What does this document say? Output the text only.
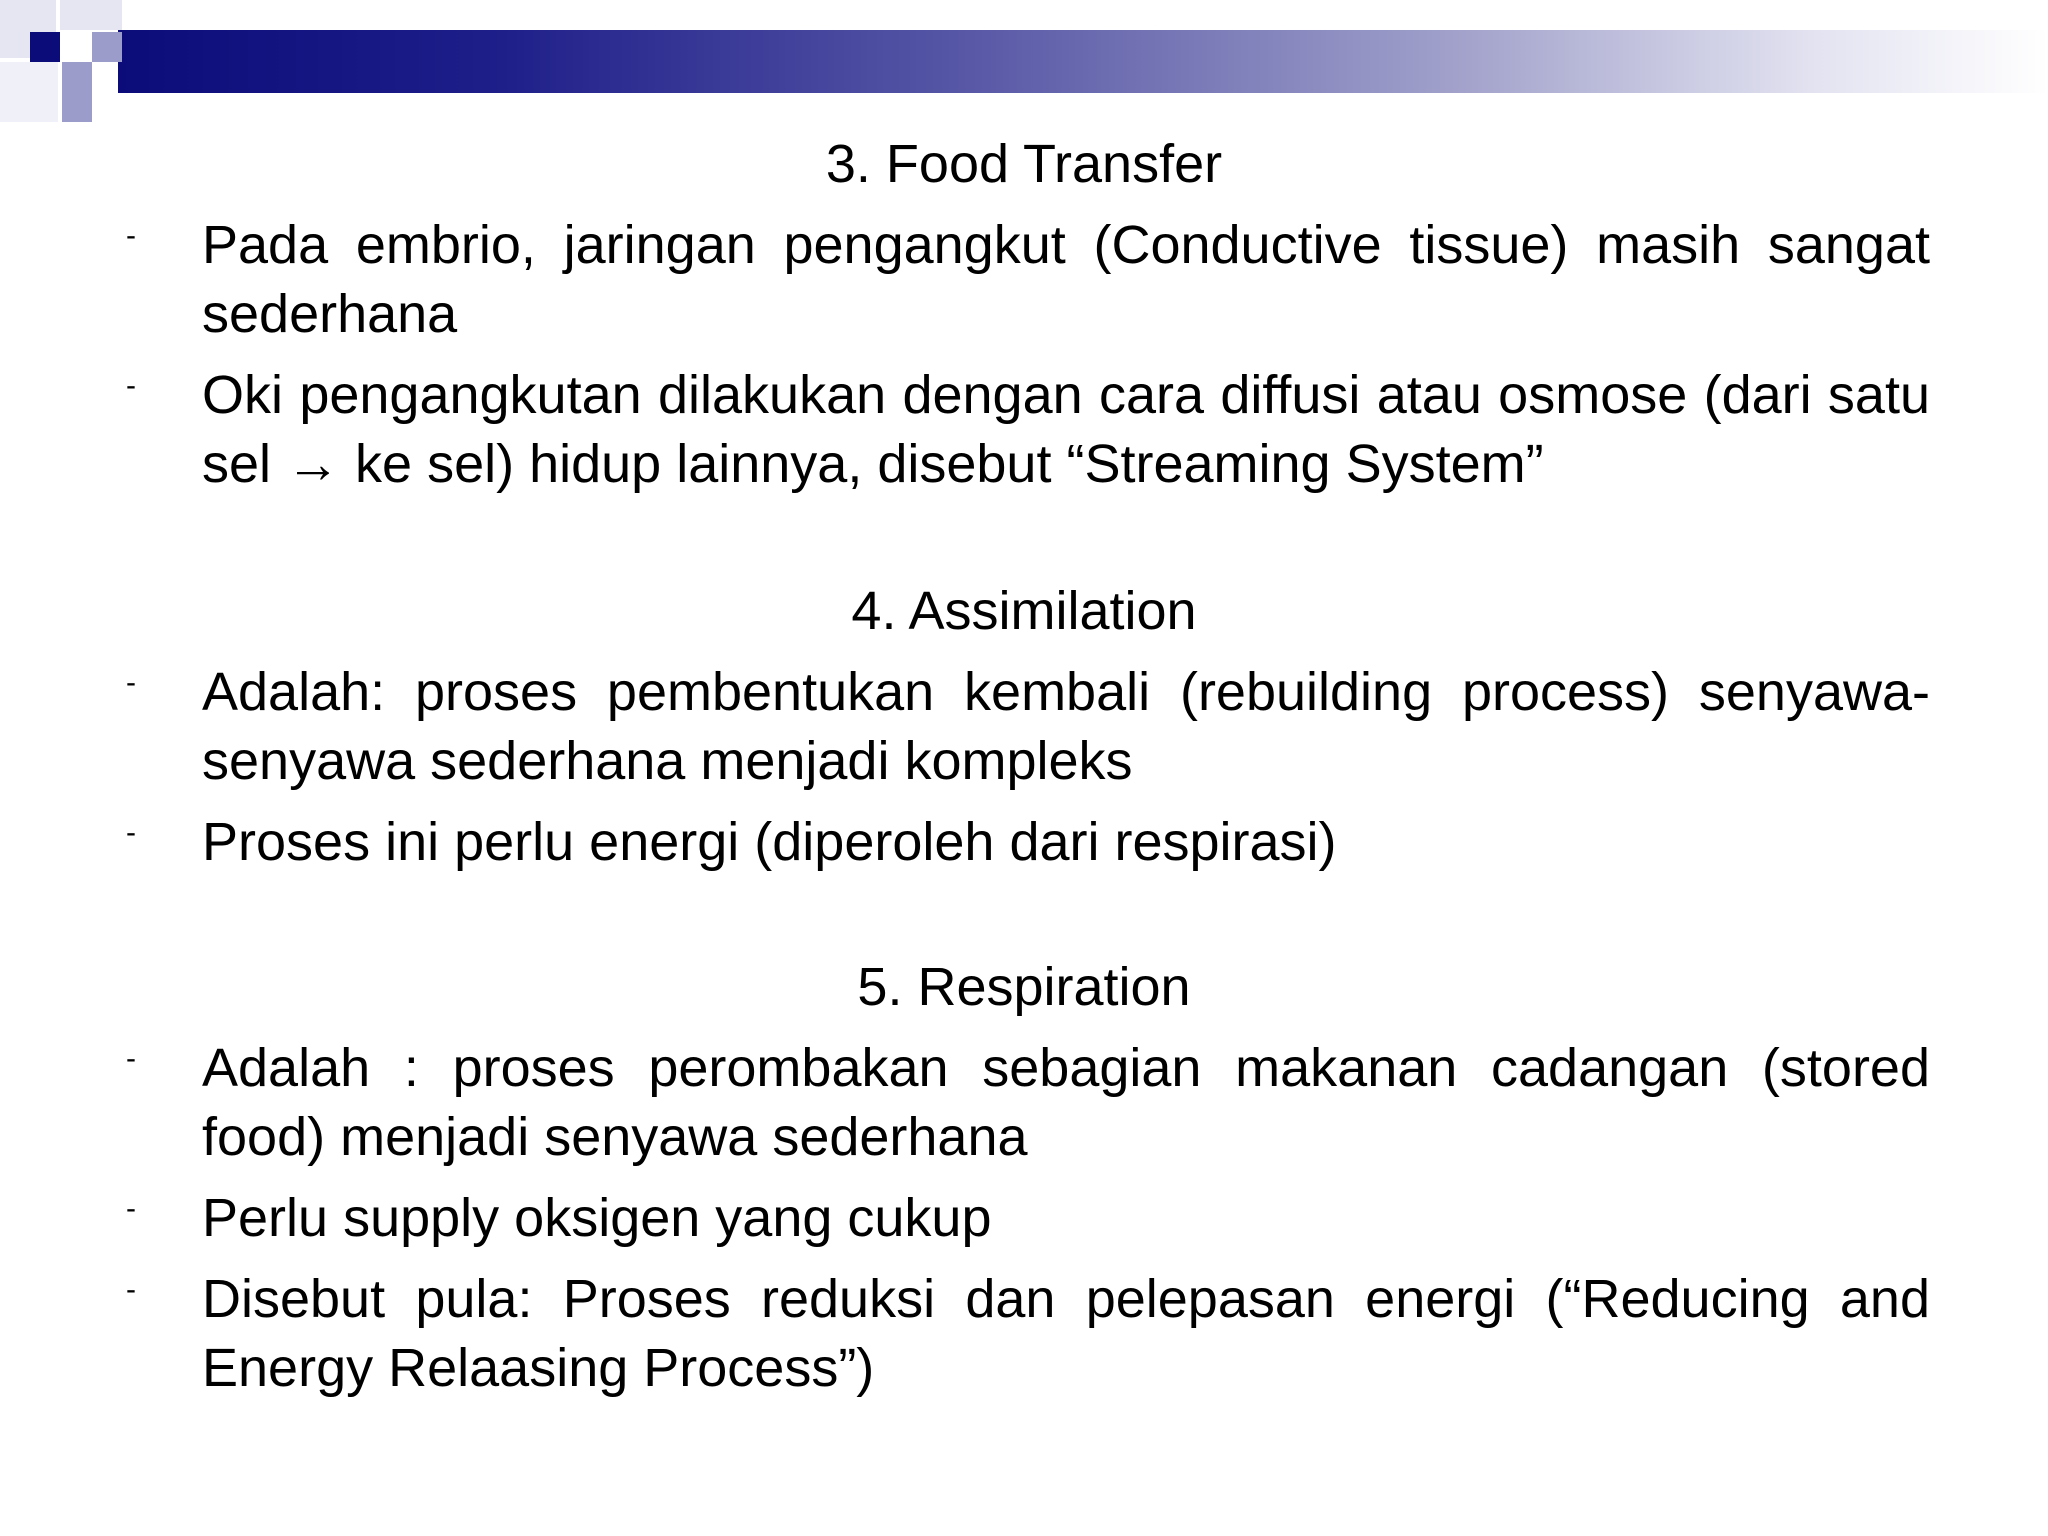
3. Food Transfer
- Pada embrio, jaringan pengangkut (Conductive tissue) masih sangat sederhana
- Oki pengangkutan dilakukan dengan cara diffusi atau osmose (dari satu sel → ke sel) hidup lainnya, disebut “Streaming System”
4. Assimilation
- Adalah: proses pembentukan kembali (rebuilding process) senyawa-senyawa sederhana menjadi kompleks
- Proses ini perlu energi (diperoleh dari respirasi)
5. Respiration
- Adalah : proses perombakan sebagian makanan cadangan (stored food) menjadi senyawa sederhana
- Perlu supply oksigen yang cukup
- Disebut pula: Proses reduksi dan pelepasan energi (“Reducing and Energy Relaasing Process”)
